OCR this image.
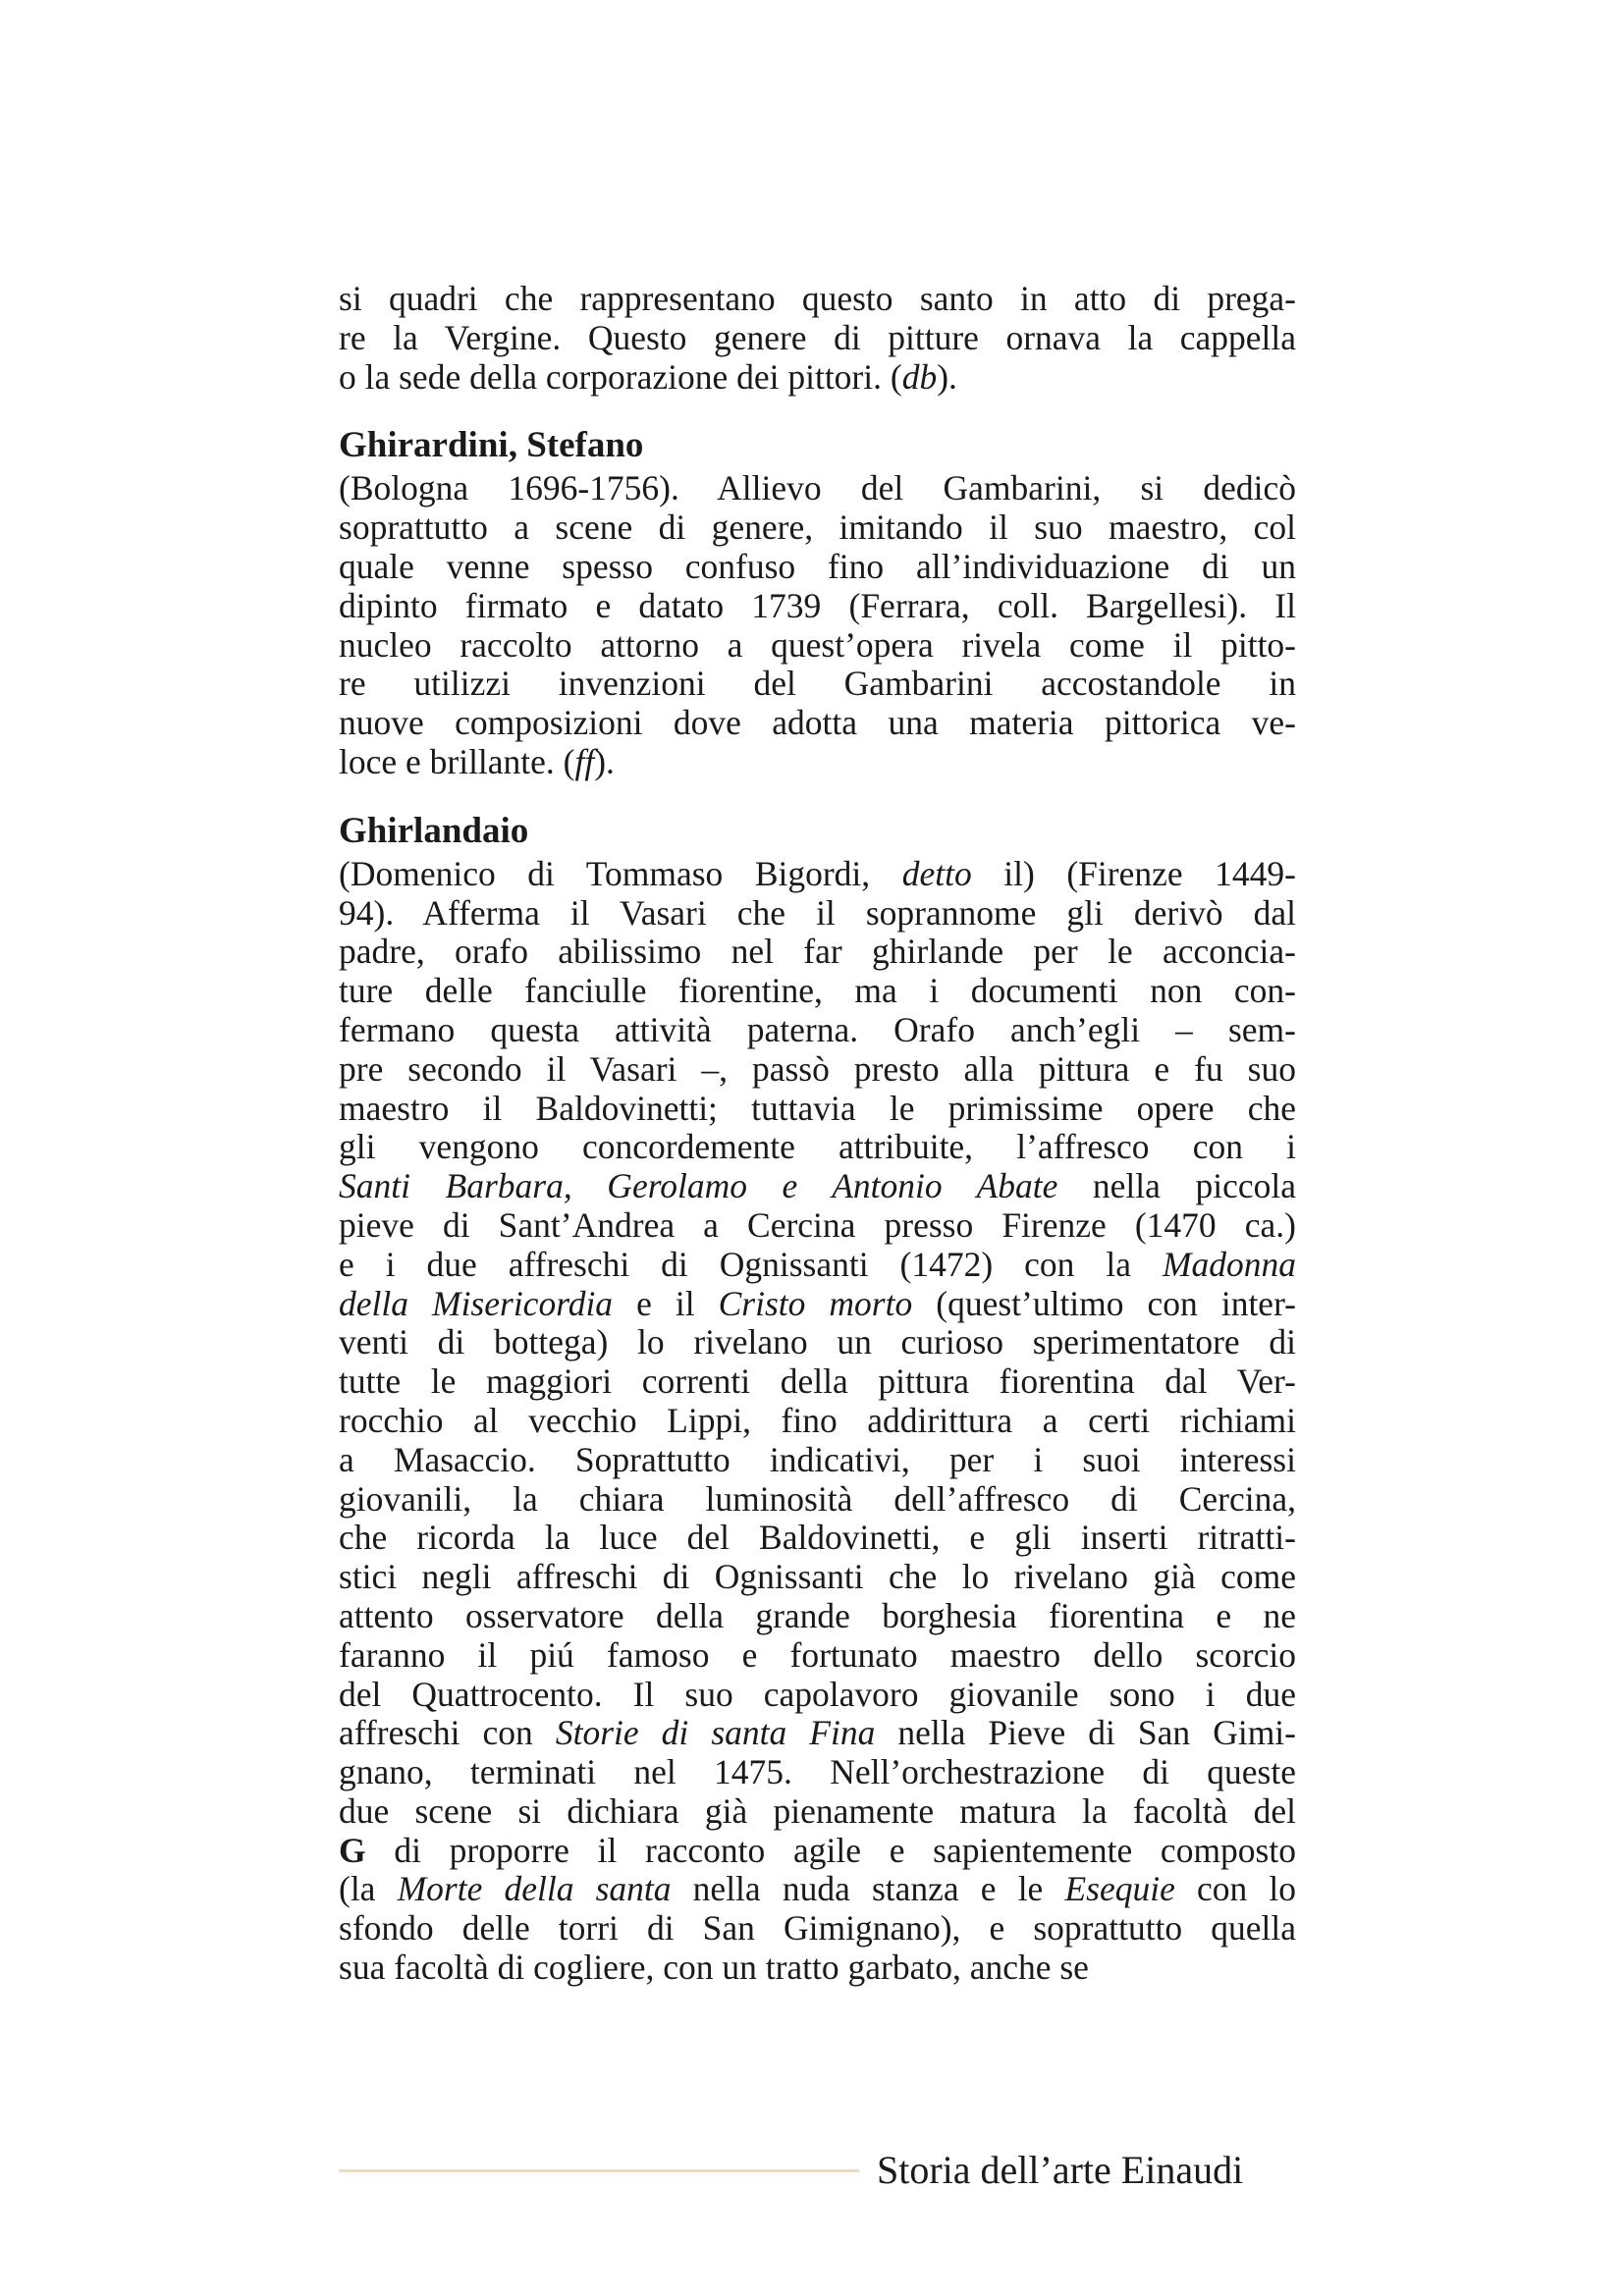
si quadri che rappresentano questo santo in atto di prega-
re la Vergine. Questo genere di pitture ornava la cappella
o la sede della corporazione dei pittori. (db).
Ghirardini, Stefano
(Bologna 1696-1756). Allievo del Gambarini, si dedicò
soprattutto a scene di genere, imitando il suo maestro, col
quale venne spesso confuso fino all’individuazione di un
dipinto firmato e datato 1739 (Ferrara, coll. Bargellesi). Il
nucleo raccolto attorno a quest’opera rivela come il pitto-
re utilizzi invenzioni del Gambarini accostandole in
nuove composizioni dove adotta una materia pittorica ve-
loce e brillante. (ff).
Ghirlandaio
(Domenico di Tommaso Bigordi, detto il) (Firenze 1449-
94). Afferma il Vasari che il soprannome gli derivò dal
padre, orafo abilissimo nel far ghirlande per le acconcia-
ture delle fanciulle fiorentine, ma i documenti non con-
fermano questa attività paterna. Orafo anch’egli – sem-
pre secondo il Vasari –, passò presto alla pittura e fu suo
maestro il Baldovinetti; tuttavia le primissime opere che
gli vengono concordemente attribuite, l’affresco con i
Santi Barbara, Gerolamo e Antonio Abate nella piccola
pieve di Sant’Andrea a Cercina presso Firenze (1470 ca.)
e i due affreschi di Ognissanti (1472) con la Madonna
della Misericordia e il Cristo morto (quest’ultimo con inter-
venti di bottega) lo rivelano un curioso sperimentatore di
tutte le maggiori correnti della pittura fiorentina dal Ver-
rocchio al vecchio Lippi, fino addirittura a certi richiami
a Masaccio. Soprattutto indicativi, per i suoi interessi
giovanili, la chiara luminosità dell’affresco di Cercina,
che ricorda la luce del Baldovinetti, e gli inserti ritratti-
stici negli affreschi di Ognissanti che lo rivelano già come
attento osservatore della grande borghesia fiorentina e ne
faranno il piú famoso e fortunato maestro dello scorcio
del Quattrocento. Il suo capolavoro giovanile sono i due
affreschi con Storie di santa Fina nella Pieve di San Gimi-
gnano, terminati nel 1475. Nell’orchestrazione di queste
due scene si dichiara già pienamente matura la facoltà del
G di proporre il racconto agile e sapientemente composto
(la Morte della santa nella nuda stanza e le Esequie con lo
sfondo delle torri di San Gimignano), e soprattutto quella
sua facoltà di cogliere, con un tratto garbato, anche se
Storia dell’arte Einaudi
